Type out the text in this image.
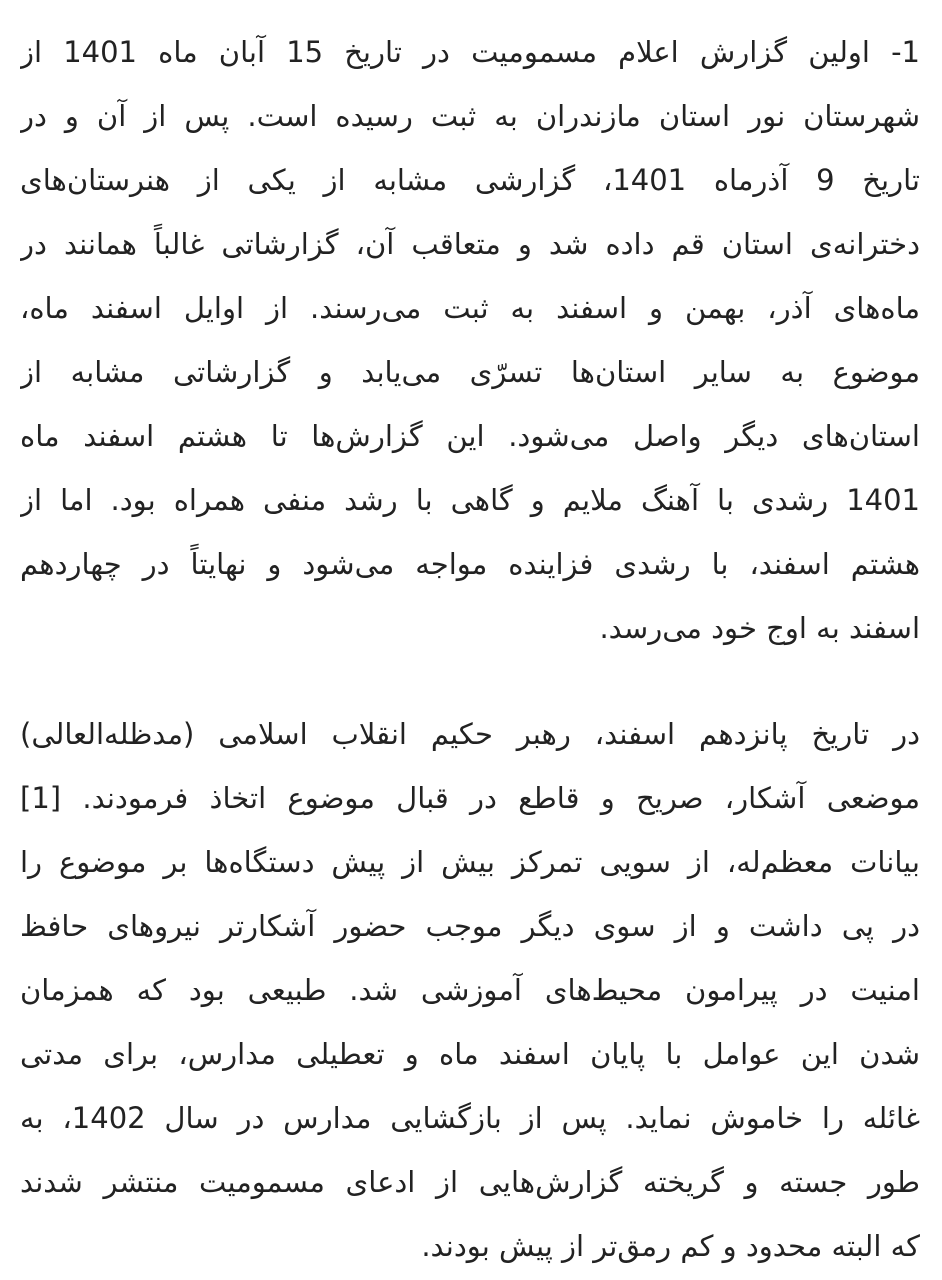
1- اولین گزارش اعلام مسمومیت در تاریخ 15 آبان ماه 1401 از
شهرستان نور استان مازندران به ثبت رسیده است. پس از آن و در
تاریخ 9 آذرماه 1401، گزارشی مشابه از یکی از هنرستان‌های
دخترانه‌ی استان قم داده شد و متعاقب آن، گزارشاتی غالباً همانند در
ماه‌های آذر، بهمن و اسفند به ثبت می‌رسند. از اوایل اسفند ماه،
موضوع به سایر استان‌ها تسرّی می‌یابد و گزارشاتی مشابه از
استان‌های دیگر واصل می‌شود. این گزارش‌ها تا هشتم اسفند ماه
1401 رشدی با آهنگ ملایم و گاهی با رشد منفی همراه بود. اما از
هشتم اسفند، با رشدی فزاینده مواجه می‌شود و نهایتاً در چهاردهم
اسفند به اوج خود می‌رسد.
در تاریخ پانزدهم اسفند، رهبر حکیم انقلاب اسلامی (مدظله‌العالی)
موضعی آشکار، صریح و قاطع در قبال موضوع اتخاذ فرمودند. [1]
بیانات معظم‌له، از سویی تمرکز بیش از پیش دستگاه‌ها بر موضوع را
در پی داشت و از سوی دیگر موجب حضور آشکارتر نیروهای حافظ
امنیت در پیرامون محیط‌های آموزشی شد. طبیعی بود که همزمان
شدن این عوامل با پایان اسفند ماه و تعطیلی مدارس، برای مدتی
غائله را خاموش نماید. پس از بازگشایی مدارس در سال 1402، به
طور جسته و گریخته گزارش‌هایی از ادعای مسمومیت منتشر شدند
که البته محدود و کم رمق‌تر از پیش بودند.
